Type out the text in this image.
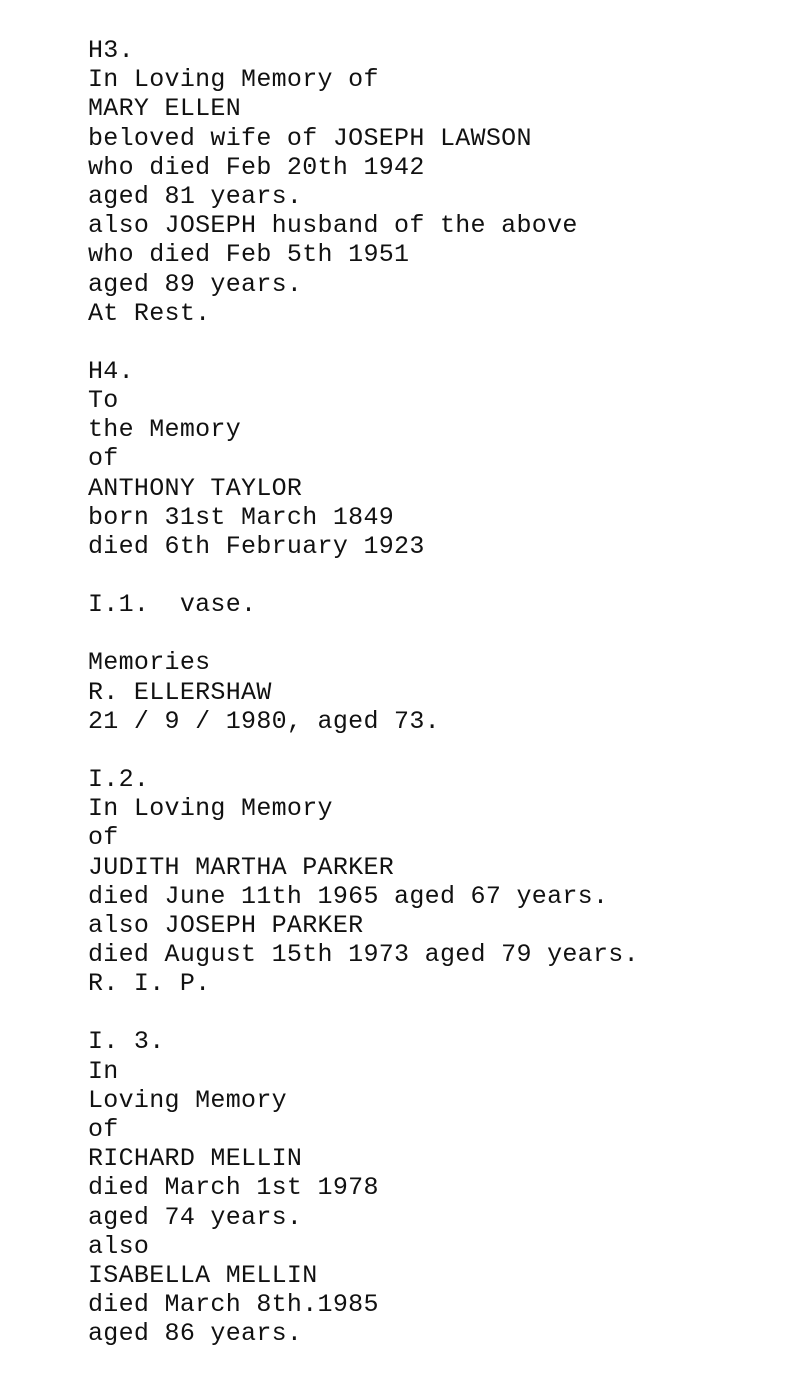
H3.
In Loving Memory of
MARY ELLEN
beloved wife of JOSEPH LAWSON
who died Feb 20th 1942
aged 81 years.
also JOSEPH husband of the above
who died Feb 5th 1951
aged 89 years.
At Rest.
H4.
To
the Memory
of
ANTHONY TAYLOR
born 31st March 1849
died 6th February 1923
I.1.  vase.
Memories
R. ELLERSHAW
21 / 9 / 1980, aged 73.
I.2.
In Loving Memory
of
JUDITH MARTHA PARKER
died June 11th 1965 aged 67 years.
also JOSEPH PARKER
died August 15th 1973 aged 79 years.
R. I. P.
I. 3.
In
Loving Memory
of
RICHARD MELLIN
died March 1st 1978
aged 74 years.
also
ISABELLA MELLIN
died March 8th.1985
aged 86 years.
